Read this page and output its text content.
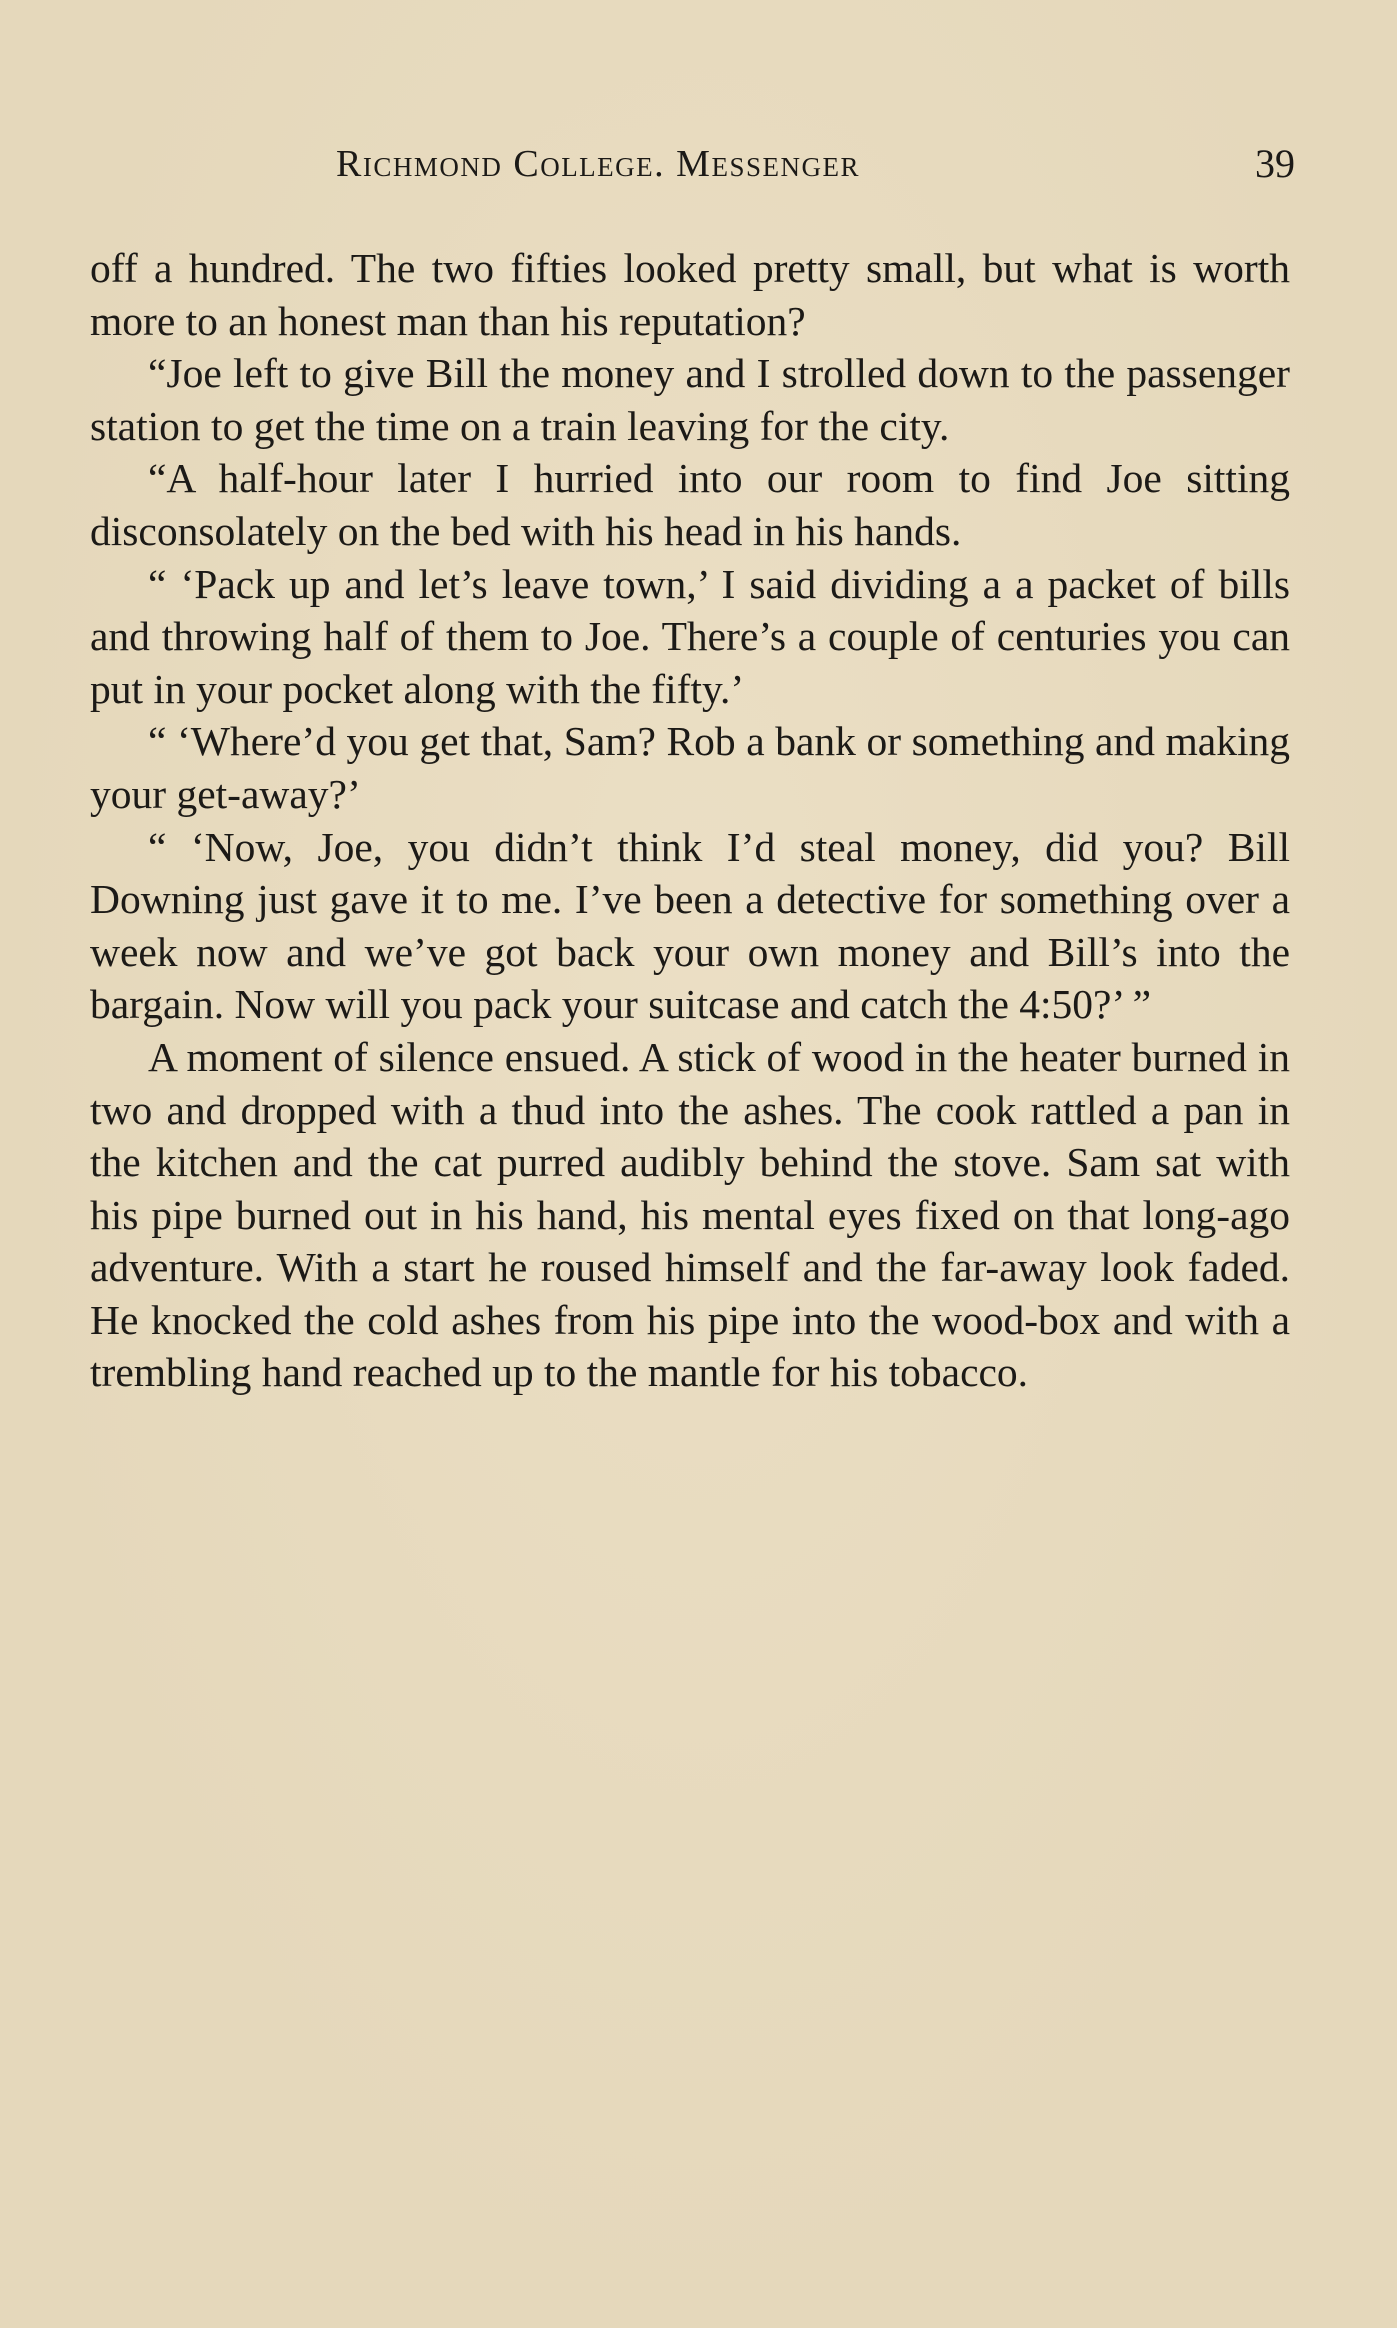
Richmond College. Messenger	39

off a hundred. The two fifties looked pretty small, but what is worth more to an honest man than his reputation?

“Joe left to give Bill the money and I strolled down to the passenger station to get the time on a train leaving for the city.

“A half-hour later I hurried into our room to find Joe sitting disconsolately on the bed with his head in his hands.

“ ‘Pack up and let’s leave town,’ I said dividing a a packet of bills and throwing half of them to Joe. There’s a couple of centuries you can put in your pocket along with the fifty.’

“ ‘Where’d you get that, Sam? Rob a bank or something and making your get-away?’

“ ‘Now, Joe, you didn’t think I’d steal money, did you? Bill Downing just gave it to me. I’ve been a detective for something over a week now and we’ve got back your own money and Bill’s into the bargain. Now will you pack your suitcase and catch the 4:50?’ ”

A moment of silence ensued. A stick of wood in the heater burned in two and dropped with a thud into the ashes. The cook rattled a pan in the kitchen and the cat purred audibly behind the stove. Sam sat with his pipe burned out in his hand, his mental eyes fixed on that long-ago adventure. With a start he roused himself and the far-away look faded. He knocked the cold ashes from his pipe into the wood-box and with a trembling hand reached up to the mantle for his tobacco.
